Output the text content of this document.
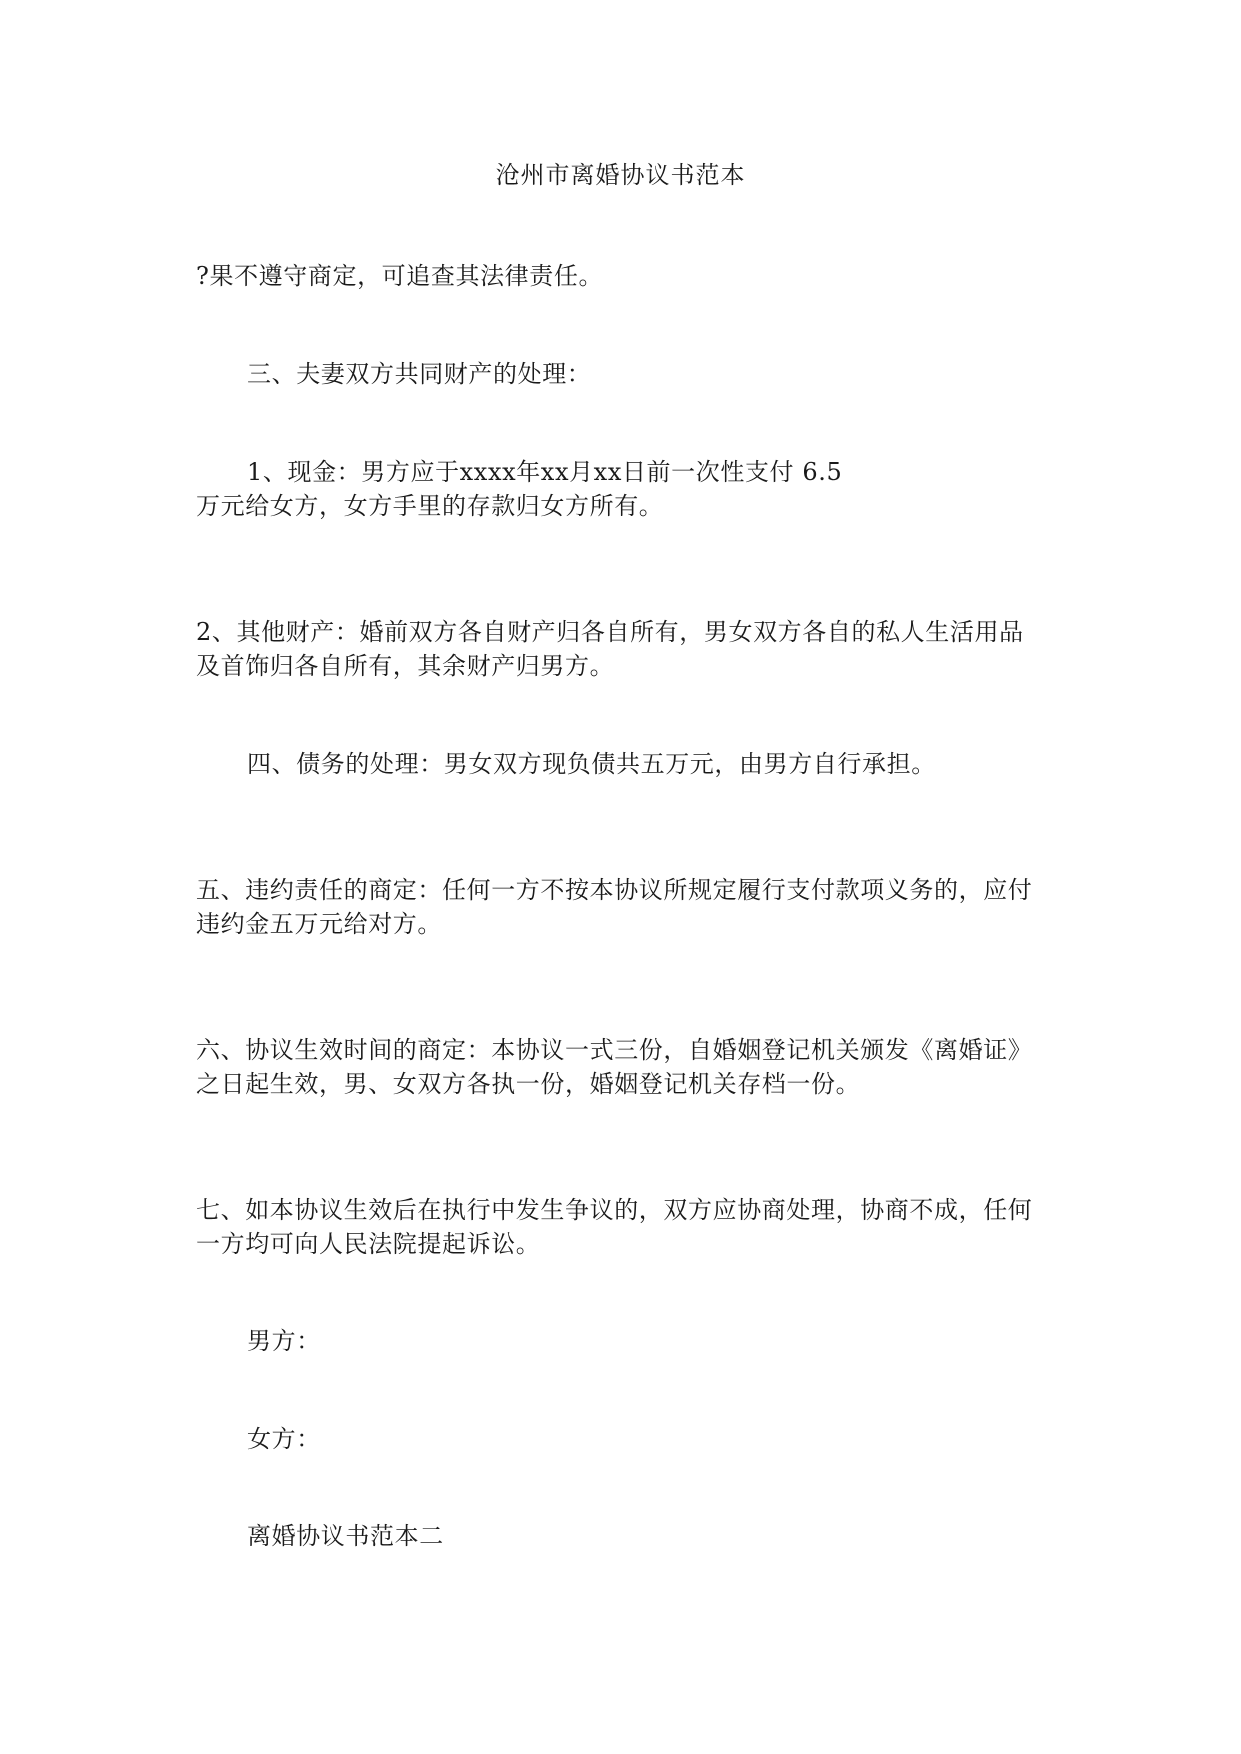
沧州市离婚协议书范本
?果不遵守商定，可追查其法律责任。
三、夫妻双方共同财产的处理：
1、现金：男方应于xxxx年xx月xx日前一次性支付 6.5
万元给女方，女方手里的存款归女方所有。
2、其他财产：婚前双方各自财产归各自所有，男女双方各自的私人生活用品
及首饰归各自所有，其余财产归男方。
四、债务的处理：男女双方现负债共五万元，由男方自行承担。
五、违约责任的商定：任何一方不按本协议所规定履行支付款项义务的，应付
违约金五万元给对方。
六、协议生效时间的商定：本协议一式三份，自婚姻登记机关颁发《离婚证》
之日起生效，男、女双方各执一份，婚姻登记机关存档一份。
七、如本协议生效后在执行中发生争议的，双方应协商处理，协商不成，任何
一方均可向人民法院提起诉讼。
男方：
女方：
离婚协议书范本二
